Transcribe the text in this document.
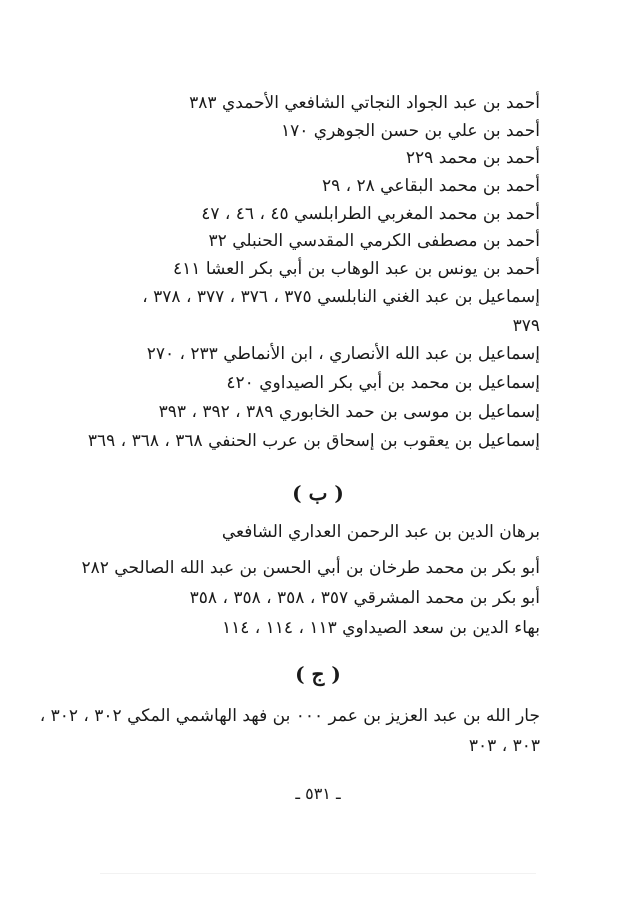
أحمد بن عبد الجواد النجاتي الشافعي الأحمدي ٣٨٣
أحمد بن علي بن حسن الجوهري ١٧٠
أحمد بن محمد ٢٢٩
أحمد بن محمد البقاعي ٢٨ ، ٢٩
أحمد بن محمد المغربي الطرابلسي ٤٥ ، ٤٦ ، ٤٧
أحمد بن مصطفى الكرمي المقدسي الحنبلي ٣٢
أحمد بن يونس بن عبد الوهاب بن أبي بكر العشا ٤١١
إسماعيل بن عبد الغني النابلسي ٣٧٥ ، ٣٧٦ ، ٣٧٧ ، ٣٧٨ ،
٣٧٩
إسماعيل بن عبد الله الأنصاري ، ابن الأنماطي ٢٣٣ ، ٢٧٠
إسماعيل بن محمد بن أبي بكر الصيداوي ٤٢٠
إسماعيل بن موسى بن حمد الخابوري ٣٨٩ ، ٣٩٢ ، ٣٩٣
إسماعيل بن يعقوب بن إسحاق بن عرب الحنفي ٣٦٨ ، ٣٦٨ ، ٣٦٩
( ب )
برهان الدين بن عبد الرحمن العداري الشافعي
أبو بكر بن محمد طرخان بن أبي الحسن بن عبد الله الصالحي ٢٨٢
أبو بكر بن محمد المشرقي ٣٥٧ ، ٣٥٨ ، ٣٥٨ ، ٣٥٨
بهاء الدين بن سعد الصيداوي ١١٣ ، ١١٤ ، ١١٤
( ج )
جار الله بن عبد العزيز بن عمر ٠٠٠ بن فهد الهاشمي المكي ٣٠٢ ، ٣٠٢ ،
٣٠٣ ، ٣٠٣
ـ ٥٣١ ـ
